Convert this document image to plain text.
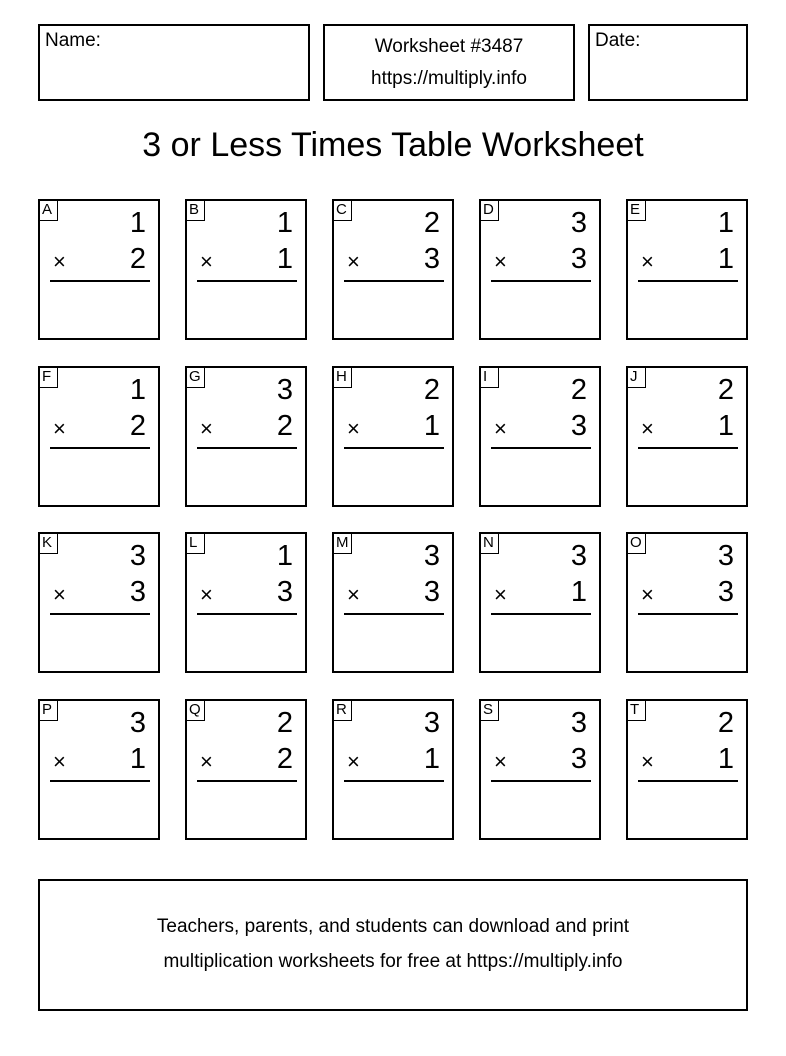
Name:	Worksheet #3487
https://multiply.info
Date:
3 or Less Times Table Worksheet
A	1
× 2
B	1
× 1
C	2
× 3
D	3
× 3
E	1
× 1
F	1
× 2
G	3
× 2
H	2
× 1
I	2
× 3
J	2
× 1
K	3
× 3
L	1
× 3
M	3
× 3
N	3
× 1
O	3
× 3
P	3
× 1
Q	2
× 2
R	3
× 1
S	3
× 3
T	2
× 1
Teachers, parents, and students can download and print
multiplication worksheets for free at https://multiply.info
